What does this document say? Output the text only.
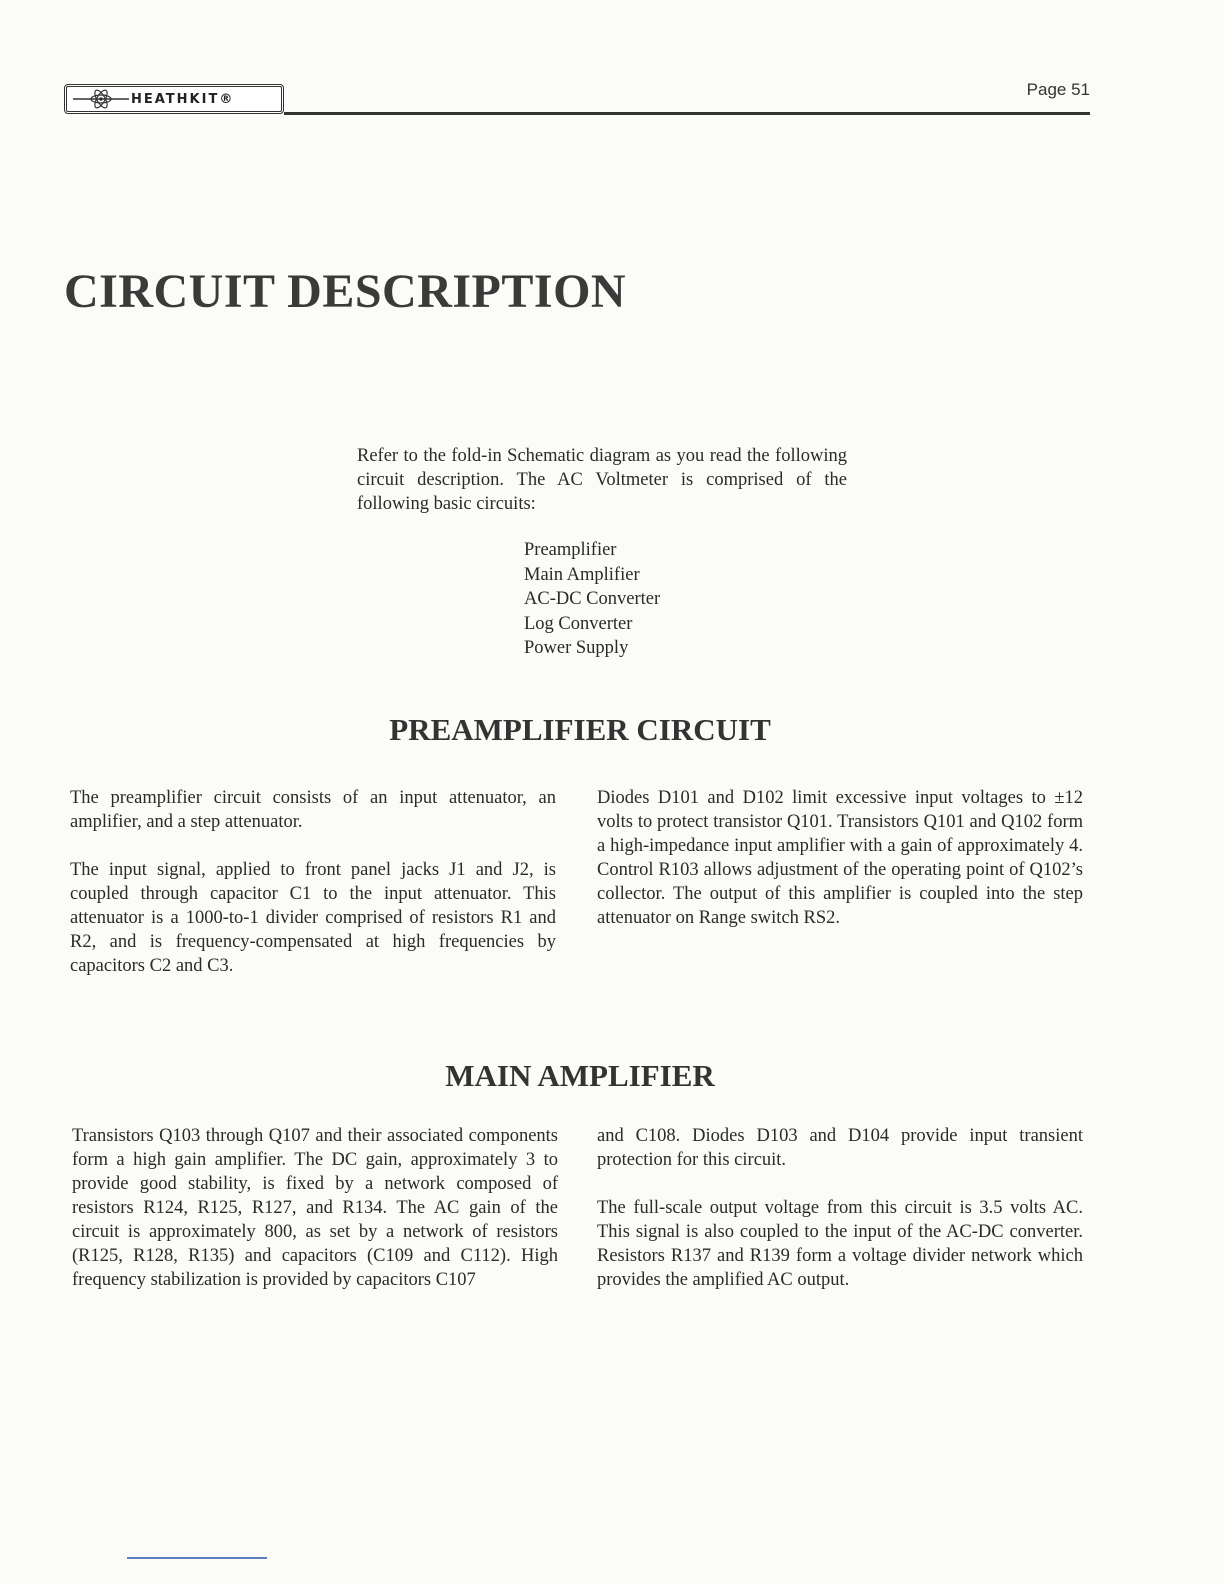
HEATHKIT®	Page 51
CIRCUIT DESCRIPTION

Refer to the fold-in Schematic diagram as you read the following circuit description. The AC Voltmeter is comprised of the following basic circuits:

Preamplifier
Main Amplifier
AC-DC Converter
Log Converter
Power Supply
PREAMPLIFIER CIRCUIT

The preamplifier circuit consists of an input attenuator, an amplifier, and a step attenuator.

The input signal, applied to front panel jacks J1 and J2, is coupled through capacitor C1 to the input attenuator. This attenuator is a 1000-to-1 divider comprised of resistors R1 and R2, and is frequency-compensated at high frequencies by capacitors C2 and C3.

Diodes D101 and D102 limit excessive input voltages to ±12 volts to protect transistor Q101. Transistors Q101 and Q102 form a high-impedance input amplifier with a gain of approximately 4. Control R103 allows adjustment of the operating point of Q102’s collector. The output of this amplifier is coupled into the step attenuator on Range switch RS2.

MAIN AMPLIFIER

Transistors Q103 through Q107 and their associated components form a high gain amplifier. The DC gain, approximately 3 to provide good stability, is fixed by a network composed of resistors R124, R125, R127, and R134. The AC gain of the circuit is approximately 800, as set by a network of resistors (R125, R128, R135) and capacitors (C109 and C112). High frequency stabilization is provided by capacitors C107

and C108. Diodes D103 and D104 provide input transient protection for this circuit.

The full-scale output voltage from this circuit is 3.5 volts AC. This signal is also coupled to the input of the AC-DC converter. Resistors R137 and R139 form a voltage divider network which provides the amplified AC output.
